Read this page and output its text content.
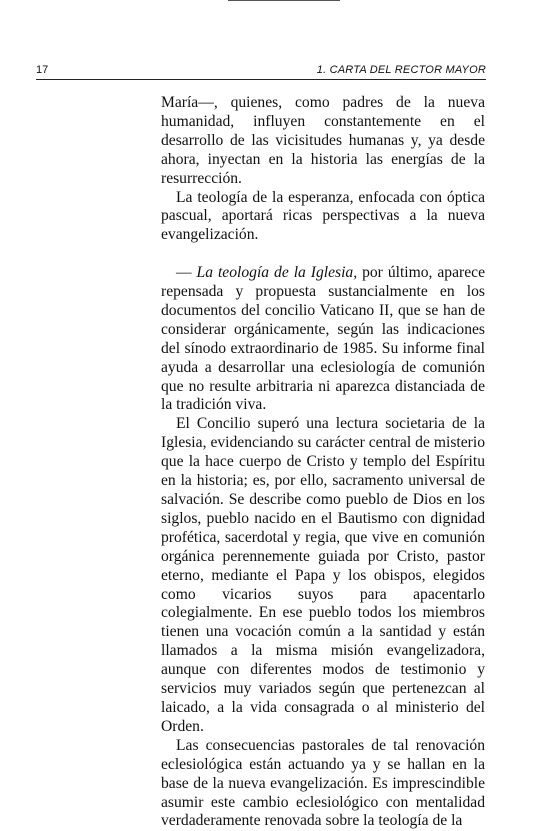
17	1. CARTA DEL RECTOR MAYOR

María—, quienes, como padres de la nueva humanidad, influyen constantemente en el desarrollo de las vicisitudes humanas y, ya desde ahora, inyectan en la historia las energías de la resurrección.

La teología de la esperanza, enfocada con óptica pascual, aportará ricas perspectivas a la nueva evangelización.

— La teología de la Iglesia, por último, aparece repensada y propuesta sustancialmente en los documentos del concilio Vaticano II, que se han de considerar orgánicamente, según las indicaciones del sínodo extraordinario de 1985. Su informe final ayuda a desarrollar una eclesiología de comunión que no resulte arbitraria ni aparezca distanciada de la tradición viva.

El Concilio superó una lectura societaria de la Iglesia, evidenciando su carácter central de misterio que la hace cuerpo de Cristo y templo del Espíritu en la historia; es, por ello, sacramento universal de salvación. Se describe como pueblo de Dios en los siglos, pueblo nacido en el Bautismo con dignidad profética, sacerdotal y regia, que vive en comunión orgánica perennemente guiada por Cristo, pastor eterno, mediante el Papa y los obispos, elegidos como vicarios suyos para apacentarlo colegialmente. En ese pueblo todos los miembros tienen una vocación común a la santidad y están llamados a la misma misión evangelizadora, aunque con diferentes modos de testimonio y servicios muy variados según que pertenezcan al laicado, a la vida consagrada o al ministerio del Orden.

Las consecuencias pastorales de tal renovación eclesiológica están actuando ya y se hallan en la base de la nueva evangelización. Es imprescindible asumir este cambio eclesiológico con mentalidad verdaderamente renovada sobre la teología de la
